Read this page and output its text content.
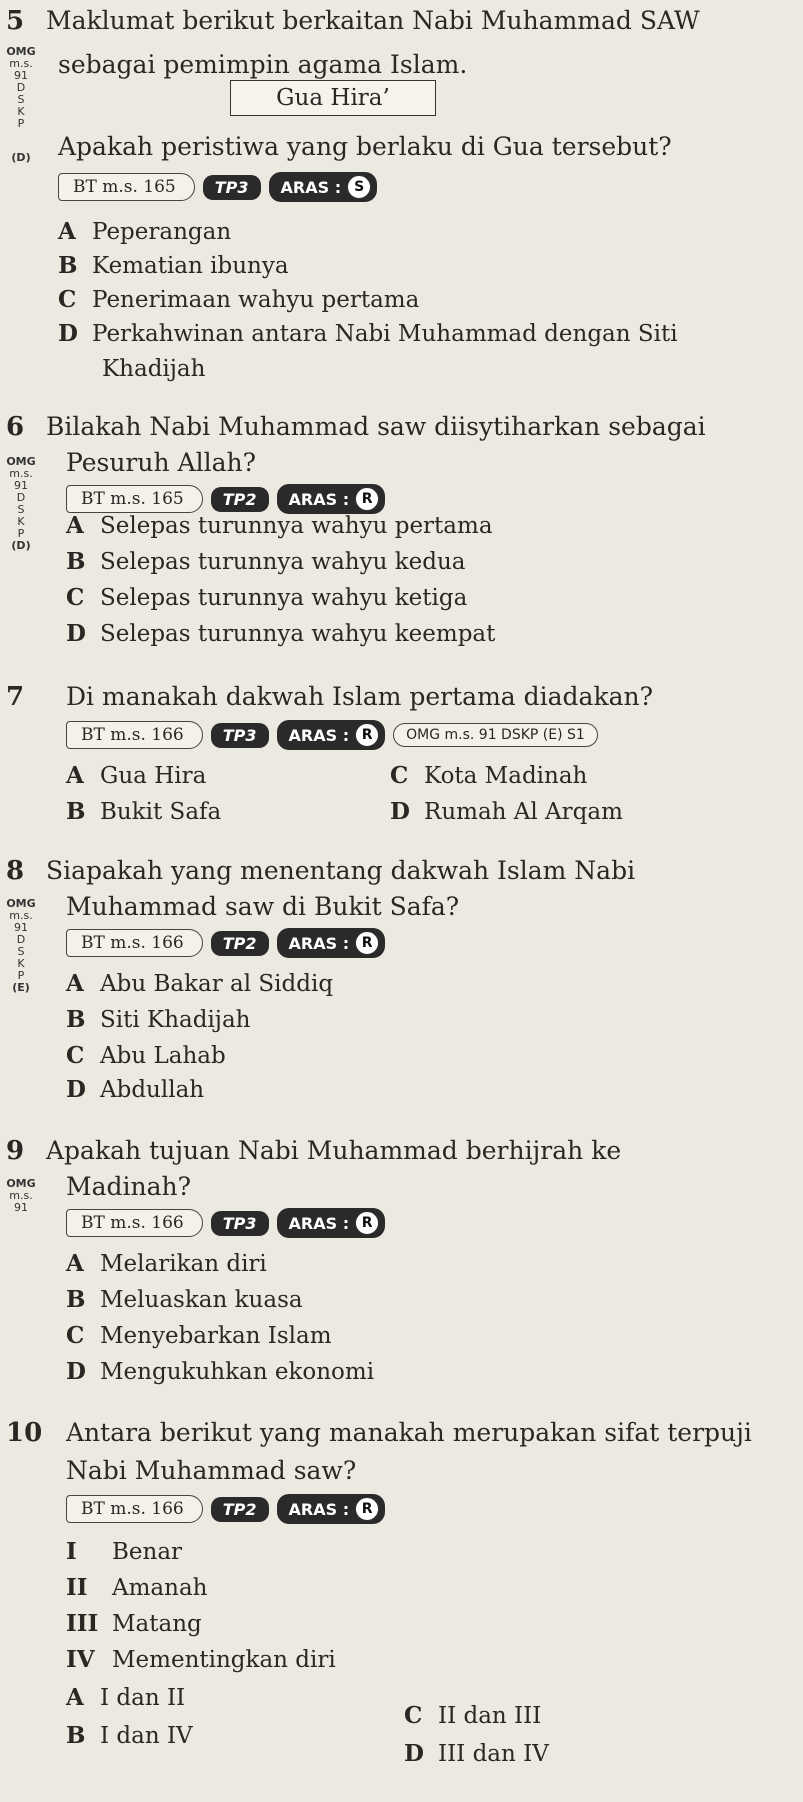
5 Maklumat berikut berkaitan Nabi Muhammad SAW
OMG
m.s.
91
D
S
K
P
(D)
sebagai pemimpin agama Islam.
Gua Hira’
Apakah peristiwa yang berlaku di Gua tersebut?
BT m.s. 165	TP3	ARAS : S
A Peperangan
B Kematian ibunya
C Penerimaan wahyu pertama
D Perkahwinan antara Nabi Muhammad dengan Siti
Khadijah
6 Bilakah Nabi Muhammad saw diisytiharkan sebagai
OMG
m.s.
91
D
S
K
P
(D)
Pesuruh Allah?
BT m.s. 165	TP2	ARAS : R
A Selepas turunnya wahyu pertama
B Selepas turunnya wahyu kedua
C Selepas turunnya wahyu ketiga
D Selepas turunnya wahyu keempat
7 Di manakah dakwah Islam pertama diadakan?
BT m.s. 166	TP3	ARAS : R	OMG m.s. 91 DSKP (E) S1
A Gua Hira
B Bukit Safa
C Kota Madinah
D Rumah Al Arqam
8 Siapakah yang menentang dakwah Islam Nabi
OMG
m.s.
91
D
S
K
P
(E)
Muhammad saw di Bukit Safa?
BT m.s. 166	TP2	ARAS : R
A Abu Bakar al Siddiq
B Siti Khadijah
C Abu Lahab
D Abdullah
9 Apakah tujuan Nabi Muhammad berhijrah ke
OMG
m.s.
91
Madinah?
BT m.s. 166	TP3	ARAS : R
A Melarikan diri
B Meluaskan kuasa
C Menyebarkan Islam
D Mengukuhkan ekonomi
10 Antara berikut yang manakah merupakan sifat terpuji
Nabi Muhammad saw?
BT m.s. 166	TP2	ARAS : R
I Benar
II Amanah
III Matang
IV Mementingkan diri
A I dan II
B I dan IV
C II dan III
D III dan IV
